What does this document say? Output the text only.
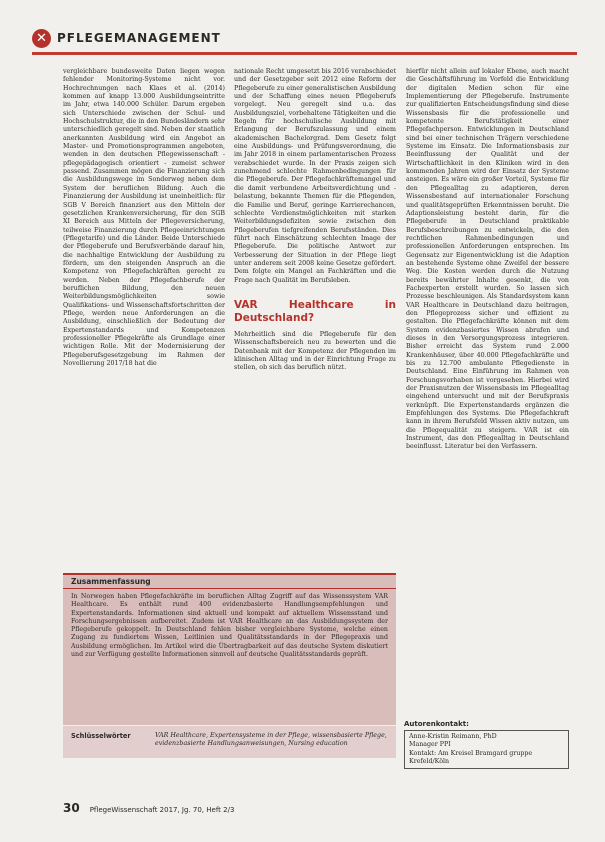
✕ PFLEGEMANAGEMENT

vergleichbare bundesweite Daten liegen wegen fehlender Monitoring-Systeme nicht vor. Hochrechnungen nach Klaes et al. (2014) kommen auf knapp 13.000 Ausbildungseintritte im Jahr, etwa 140.000 Schüler. Darum ergeben sich Unterschiede zwischen der Schul- und Hochschulstruktur, die in den Bundesländern sehr unterschiedlich geregelt sind. Neben der staatlich anerkannten Ausbildung wird ein Angebot an Master- und Promotionsprogrammen angeboten, wenden in den deutschen Pflegewissenschaft - pflegepädagogisch orientiert - zumeist schwer passend. Zusammen mögen die Finanzierung sich die Ausbildungswege im Sonderweg neben dem System der beruflichen Bildung. Auch die Finanzierung der Ausbildung ist uneinheitlich: für SGB V Bereich finanziert aus den Mitteln der gesetzlichen Krankenversicherung, für den SGB XI Bereich aus Mitteln der Pflegeversicherung, teilweise Finanzierung durch Pflegeeinrichtungen (Pflegetarife) und die Länder. Beide Unterschiede der Pflegeberufe und Berufsverbände darauf hin, die nachhaltige Entwicklung der Ausbildung zu fördern, um den steigenden Anspruch an die Kompetenz von Pflegefachkräften gerecht zu werden. Neben der Pflegefachberufe der beruflichen Bildung, den neuen Weiterbildungsmöglichkeiten sowie Qualifikations- und Wissenschaftsfortschritten der Pflege, werden neue Anforderungen an die Ausbildung, einschließlich der Bedeutung der Expertenstandards und Kompetenzen professioneller Pflegekräfte als Grundlage einer wichtigen Rolle. Mit der Modernisierung der Pflegeberufsgesetzgebung im Rahmen der Novellierung 2017/18 hat die

nationale Recht umgesetzt bis 2016 verabschiedet und der Gesetzgeber seit 2012 eine Reform der Pflegeberufe zu einer generalistischen Ausbildung und der Schaffung eines neuen Pflegeberufs vorgelegt. Neu geregelt sind u.a. das Ausbildungsziel, vorbehaltene Tätigkeiten und die Regeln für hochschulische Ausbildung mit Erlangung der Berufszulassung und einem akademischen Bachelorgrad. Dem Gesetz folgt eine Ausbildungs- und Prüfungsverordnung, die im Jahr 2018 in einem parlamentarischen Prozess verabschiedet wurde. In der Praxis zeigen sich zunehmend schlechte Rahmenbedingungen für die Pflegeberufe. Der Pflegefachkräftemangel und die damit verbundene Arbeitsverdichtung und -belastung, bekannte Themen für die Pflegenden, die Familie und Beruf, geringe Karrierechancen, schlechte Verdienstmöglichkeiten mit starken Weiterbildungsdefiziten sowie zwischen den Pflegeberufen tiefgreifenden Berufsständen. Dies führt nach Einschätzung schlechten Image der Pflegeberufe. Die politische Antwort zur Verbesserung der Situation in der Pflege liegt unter anderem seit 2008 keine Gesetze gefördert. Dem folgte ein Mangel an Fachkräften und die Frage nach Qualität im Berufsleben.

VAR Healthcare in Deutschland?

Mehrheitlich sind die Pflegeberufe für den Wissenschaftsbereich neu zu bewerten und die Datenbank mit der Kompetenz der Pflegenden im klinischen Alltag und in der Einrichtung Frage zu stellen, ob sich das beruflich nützt.

hierfür nicht allein auf lokaler Ebene, auch macht die Geschäftsführung im Vorfeld die Entwicklung der digitalen Medien schon für eine Implementierung der Pflegeberufe. Instrumente zur qualifizierten Entscheidungsfindung sind diese Wissensbasis für die professionelle und kompetente Berufstätigkeit einer Pflegefachperson. Entwicklungen in Deutschland sind bei einer technischen Trägern verschiedene Systeme im Einsatz. Die Informationsbasis zur Beeinflussung der Qualität und der Wirtschaftlichkeit in den Kliniken wird in den kommenden Jahren wird der Einsatz der Systeme ansteigen. Es wäre ein großer Vorteil, Systeme für den Pflegealltag zu adaptieren, deren Wissensbestand auf internationaler Forschung und qualitätsgeprüften Erkenntnissen beruht. Die Adaptionsleistung besteht darin, für die Pflegeberufe in Deutschland praktikable Berufsbeschreibungen zu entwickeln, die den rechtlichen Rahmenbedingungen und professionellen Anforderungen entsprechen. Im Gegensatz zur Eigenentwicklung ist die Adaption an bestehende Systeme ohne Zweifel der bessere Weg. Die Kosten werden durch die Nutzung bereits bewährter Inhalte gesenkt, die von Fachexperten erstellt wurden. So lassen sich Prozesse beschleunigen. Als Standardsystem kann VAR Healthcare in Deutschland dazu beitragen, den Pflegeprozess sicher und effizient zu gestalten. Die Pflegefachkräfte können mit dem System evidenzbasiertes Wissen abrufen und dieses in den Versorgungsprozess integrieren. Bisher erreicht das System rund 2.000 Krankenhäuser, über 40.000 Pflegefachkräfte und bis zu 12.700 ambulante Pflegedienste in Deutschland. Eine Einführung im Rahmen von Forschungsvorhaben ist vorgesehen. Hierbei wird der Praxisnutzen der Wissensbasis im Pflegealltag eingehend untersucht und mit der Berufspraxis verknüpft. Die Expertenstandards ergänzen die Empfehlungen des Systems. Die Pflegefachkraft kann in ihrem Berufsfeld Wissen aktiv nutzen, um die Pflegequalität zu steigern. VAR ist ein Instrument, das den Pflegealltag in Deutschland beeinflusst. Literatur bei den Verfassern.

Zusammenfassung
In Norwegen haben Pflegefachkräfte im beruflichen Alltag Zugriff auf das Wissenssystem VAR Healthcare. Es enthält rund 400 evidenzbasierte Handlungsempfehlungen und Expertenstandards. Informationen sind aktuell und kompakt auf aktuellem Wissensstand und Forschungsergebnissen aufbereitet. Zudem ist VAR Healthcare an das Ausbildungssystem der Pflegeberufe gekoppelt. In Deutschland fehlen bisher vergleichbare Systeme, welche einen Zugang zu fundiertem Wissen, Leitlinien und Qualitätsstandards in der Pflegepraxis und Ausbildung ermöglichen. Im Artikel wird die Übertragbarkeit auf das deutsche System diskutiert und zur Verfügung gestellte Informationen sinnvoll auf deutsche Qualitätsstandards geprüft.
Schlüsselwörter	VAR Healthcare, Expertensysteme in der Pflege, wissensbasierte Pflege, evidenzbasierte Handlungsanweisungen, Nursing education
Autorenkontakt:
Anne-Kristin Reimann, PhD
Manager PPI
Kontakt: Am Kreisel Bramgard gruppe
Krefeld/Köln
30 PflegeWissenschaft 2017, Jg. 70, Heft 2/3
